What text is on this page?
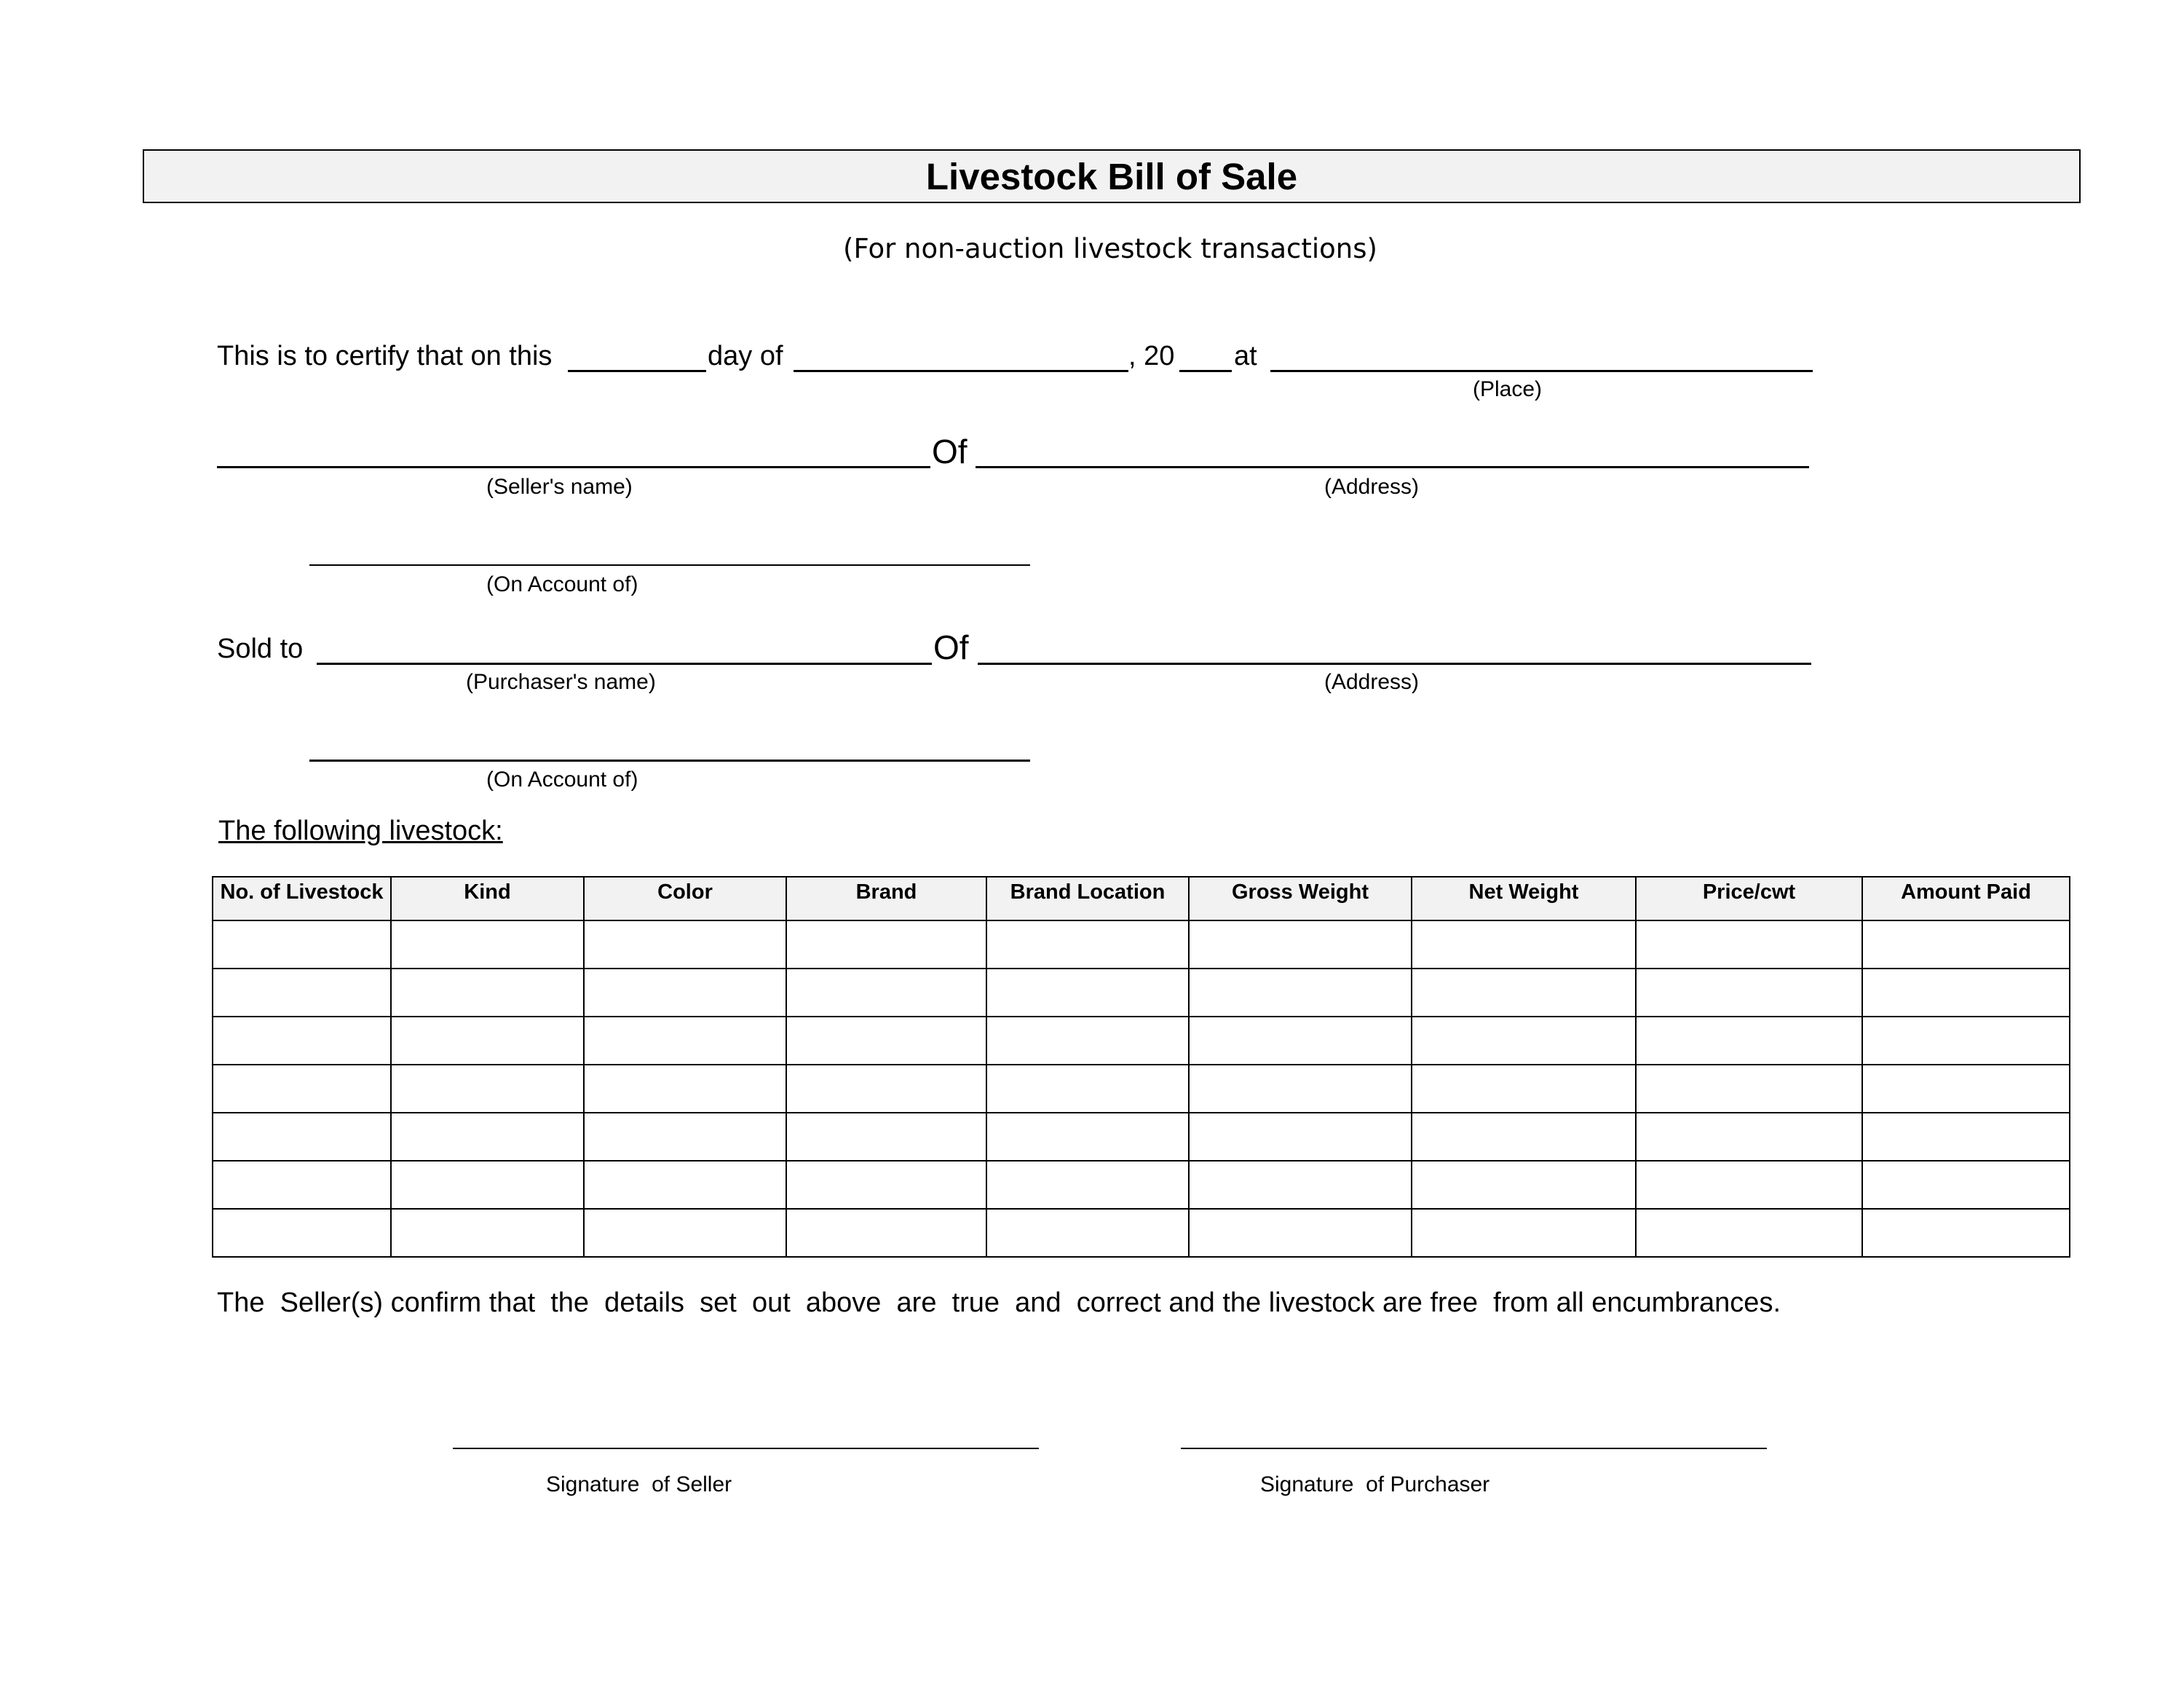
Livestock Bill of Sale
(For non-auction livestock transactions)
This is to certify that on this	day of	, 20 at
(Place)
Of
(Seller's name)	(Address)
(On Account of)
Sold to	Of
(Purchaser's name)	(Address)
(On Account of)
The following livestock:
No. of Livestock	Kind	Color	Brand	Brand Location	Gross Weight	Net Weight	Price/cwt	Amount Paid

The  Seller(s) confirm that  the  details  set  out  above  are  true  and  correct and the livestock are free  from all encumbrances.
Signature  of Seller	Signature  of Purchaser
